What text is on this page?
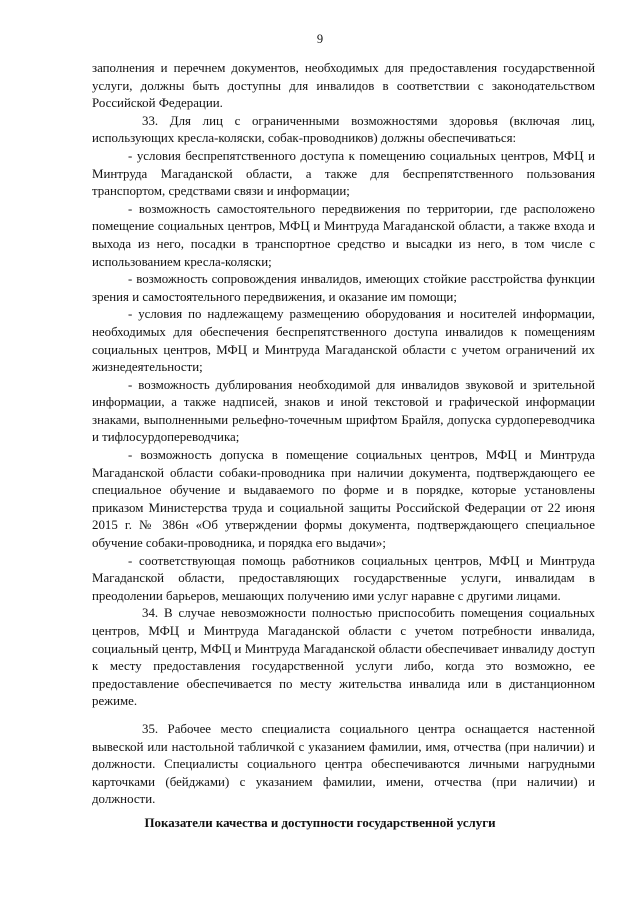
9

заполнения и перечнем документов, необходимых для предоставления государственной услуги, должны быть доступны для инвалидов в соответствии с законодательством Российской Федерации.

33. Для лиц с ограниченными возможностями здоровья (включая лиц, использующих кресла-коляски, собак-проводников) должны обеспечиваться:

- условия беспрепятственного доступа к помещению социальных центров, МФЦ и Минтруда Магаданской области, а также для беспрепятственного пользования транспортом, средствами связи и информации;

- возможность самостоятельного передвижения по территории, где расположено помещение социальных центров, МФЦ и Минтруда Магаданской области, а также входа и выхода из него, посадки в транспортное средство и высадки из него, в том числе с использованием кресла-коляски;

- возможность сопровождения инвалидов, имеющих стойкие расстройства функции зрения и самостоятельного передвижения, и оказание им помощи;

- условия по надлежащему размещению оборудования и носителей информации, необходимых для обеспечения беспрепятственного доступа инвалидов к помещениям социальных центров, МФЦ и Минтруда Магаданской области с учетом ограничений их жизнедеятельности;

- возможность дублирования необходимой для инвалидов звуковой и зрительной информации, а также надписей, знаков и иной текстовой и графической информации знаками, выполненными рельефно-точечным шрифтом Брайля, допуска сурдопереводчика и тифлосурдопереводчика;

- возможность допуска в помещение социальных центров, МФЦ и Минтруда Магаданской области собаки-проводника при наличии документа, подтверждающего ее специальное обучение и выдаваемого по форме и в порядке, которые установлены приказом Министерства труда и социальной защиты Российской Федерации от 22 июня 2015 г. № 386н «Об утверждении формы документа, подтверждающего специальное обучение собаки-проводника, и порядка его выдачи»;

- соответствующая помощь работников социальных центров, МФЦ и Минтруда Магаданской области, предоставляющих государственные услуги, инвалидам в преодолении барьеров, мешающих получению ими услуг наравне с другими лицами.

34. В случае невозможности полностью приспособить помещения социальных центров, МФЦ и Минтруда Магаданской области с учетом потребности инвалида, социальный центр, МФЦ и Минтруда Магаданской области обеспечивает инвалиду доступ к месту предоставления государственной услуги либо, когда это возможно, ее предоставление обеспечивается по месту жительства инвалида или в дистанционном режиме.

35. Рабочее место специалиста социального центра оснащается настенной вывеской или настольной табличкой с указанием фамилии, имя, отчества (при наличии) и должности. Специалисты социального центра обеспечиваются личными нагрудными карточками (бейджами) с указанием фамилии, имени, отчества (при наличии) и должности.

Показатели качества и доступности государственной услуги
